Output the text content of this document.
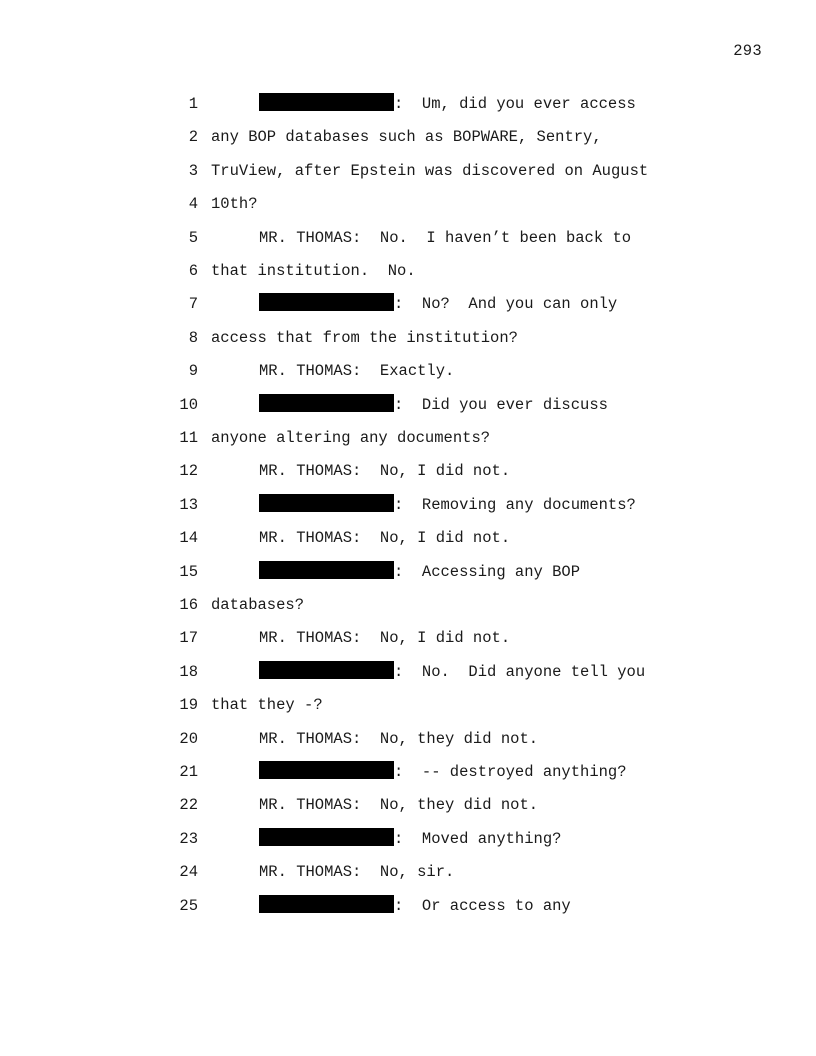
293
1	:  Um, did you ever access
2 any BOP databases such as BOPWARE, Sentry,
3 TruView, after Epstein was discovered on August
4 10th?
5	MR. THOMAS:  No.  I haven’t been back to
6 that institution.  No.
7	:  No?  And you can only
8 access that from the institution?
9	MR. THOMAS:  Exactly.
10	:  Did you ever discuss
11 anyone altering any documents?
12	MR. THOMAS:  No, I did not.
13	:  Removing any documents?
14	MR. THOMAS:  No, I did not.
15	:  Accessing any BOP
16 databases?
17	MR. THOMAS:  No, I did not.
18	:  No.  Did anyone tell you
19 that they -?
20	MR. THOMAS:  No, they did not.
21	:  -- destroyed anything?
22	MR. THOMAS:  No, they did not.
23	:  Moved anything?
24	MR. THOMAS:  No, sir.
25	:  Or access to any
